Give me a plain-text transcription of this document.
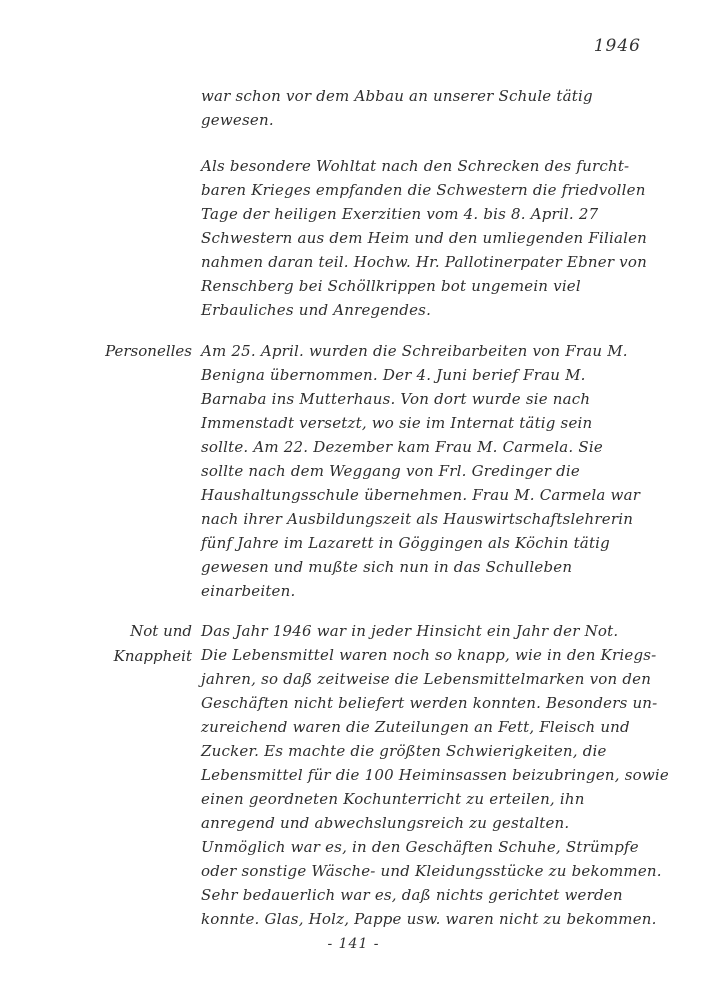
1946
war schon vor dem Abbau an unserer Schule tätig
gewesen.
Als besondere Wohltat nach den Schrecken des furcht-
baren Krieges empfanden die Schwestern die friedvollen
Tage der heiligen Exerzitien vom 4. bis 8. April. 27
Schwestern aus dem Heim und den umliegenden Filialen
nahmen daran teil. Hochw. Hr. Pallotinerpater Ebner von
Renschberg bei Schöllkrippen bot ungemein viel
Erbauliches und Anregendes.
Personelles Am 25. April. wurden die Schreibarbeiten von Frau M.
Benigna übernommen. Der 4. Juni berief Frau M.
Barnaba ins Mutterhaus. Von dort wurde sie nach
Immenstadt versetzt, wo sie im Internat tätig sein
sollte. Am 22. Dezember kam Frau M. Carmela. Sie
sollte nach dem Weggang von Frl. Gredinger die
Haushaltungsschule übernehmen. Frau M. Carmela war
nach ihrer Ausbildungszeit als Hauswirtschaftslehrerin
fünf Jahre im Lazarett in Göggingen als Köchin tätig
gewesen und mußte sich nun in das Schulleben
einarbeiten.
Not und
Knappheit
Das Jahr 1946 war in jeder Hinsicht ein Jahr der Not.
Die Lebensmittel waren noch so knapp, wie in den Kriegs-
jahren, so daß zeitweise die Lebensmittelmarken von den
Geschäften nicht beliefert werden konnten. Besonders un-
zureichend waren die Zuteilungen an Fett, Fleisch und
Zucker. Es machte die größten Schwierigkeiten, die
Lebensmittel für die 100 Heiminsassen beizubringen, sowie
einen geordneten Kochunterricht zu erteilen, ihn
anregend und abwechslungsreich zu gestalten.
Unmöglich war es, in den Geschäften Schuhe, Strümpfe
oder sonstige Wäsche- und Kleidungsstücke zu bekommen.
Sehr bedauerlich war es, daß nichts gerichtet werden
konnte. Glas, Holz, Pappe usw. waren nicht zu bekommen.
- 141 -
